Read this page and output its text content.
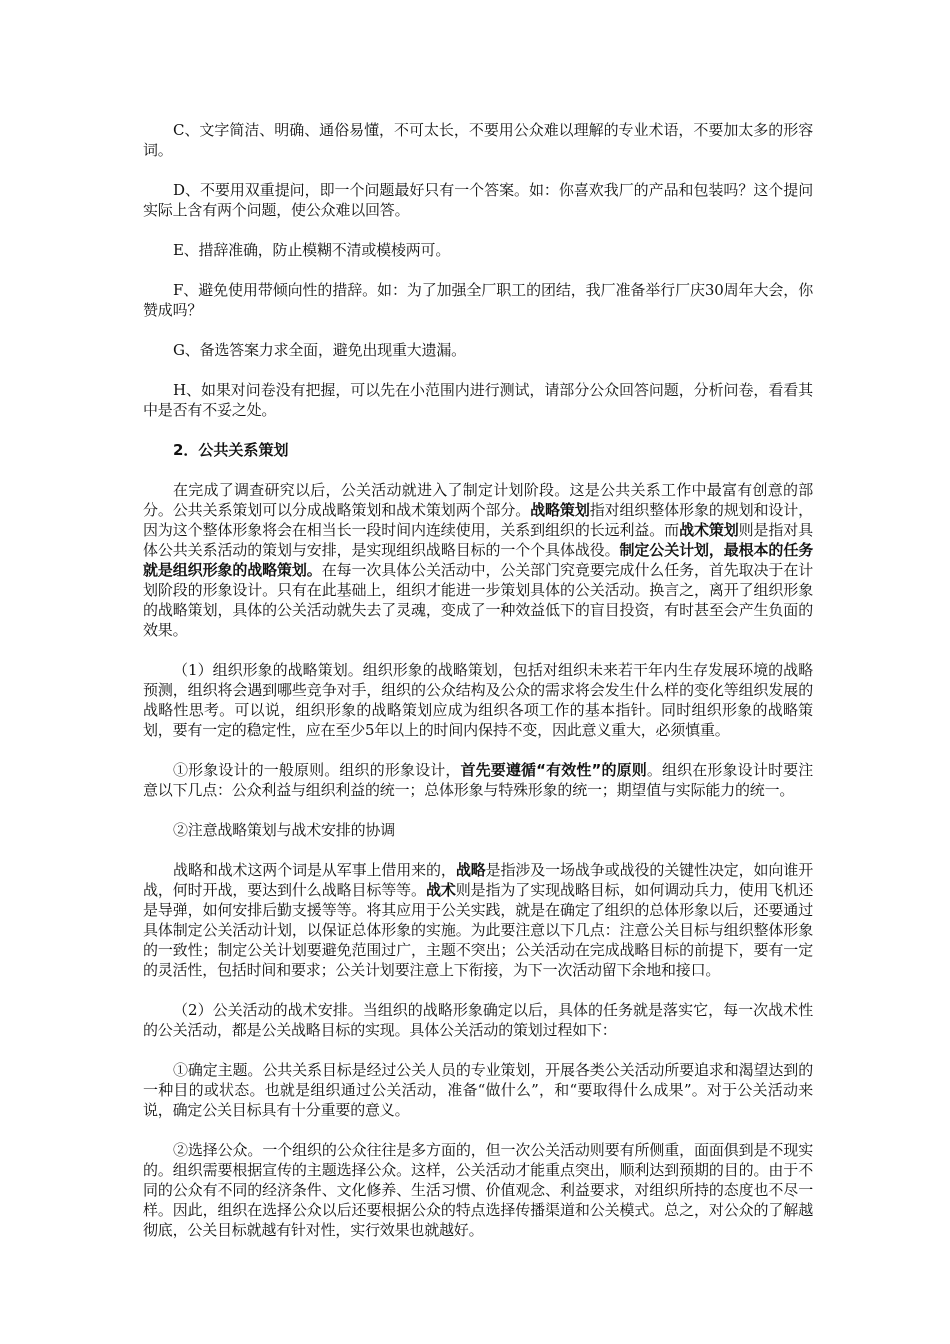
C、文字简洁、明确、通俗易懂，不可太长，不要用公众难以理解的专业术语，不要加太多的形容词。

D、不要用双重提问，即一个问题最好只有一个答案。如：你喜欢我厂的产品和包装吗？这个提问实际上含有两个问题，使公众难以回答。

E、措辞准确，防止模糊不清或模棱两可。

F、避免使用带倾向性的措辞。如：为了加强全厂职工的团结，我厂准备举行厂庆30周年大会，你赞成吗？

G、备选答案力求全面，避免出现重大遗漏。

H、如果对问卷没有把握，可以先在小范围内进行测试，请部分公众回答问题，分析问卷，看看其中是否有不妥之处。

2．公共关系策划

在完成了调查研究以后，公关活动就进入了制定计划阶段。这是公共关系工作中最富有创意的部分。公共关系策划可以分成战略策划和战术策划两个部分。战略策划指对组织整体形象的规划和设计，因为这个整体形象将会在相当长一段时间内连续使用，关系到组织的长远利益。而战术策划则是指对具体公共关系活动的策划与安排，是实现组织战略目标的一个个具体战役。制定公关计划，最根本的任务就是组织形象的战略策划。在每一次具体公关活动中，公关部门究竟要完成什么任务，首先取决于在计划阶段的形象设计。只有在此基础上，组织才能进一步策划具体的公关活动。换言之，离开了组织形象的战略策划，具体的公关活动就失去了灵魂，变成了一种效益低下的盲目投资，有时甚至会产生负面的效果。

（1）组织形象的战略策划。组织形象的战略策划，包括对组织未来若干年内生存发展环境的战略预测，组织将会遇到哪些竞争对手，组织的公众结构及公众的需求将会发生什么样的变化等组织发展的战略性思考。可以说，组织形象的战略策划应成为组织各项工作的基本指针。同时组织形象的战略策划，要有一定的稳定性，应在至少5年以上的时间内保持不变，因此意义重大，必须慎重。

①形象设计的一般原则。组织的形象设计，首先要遵循“有效性”的原则。组织在形象设计时要注意以下几点：公众利益与组织利益的统一；总体形象与特殊形象的统一；期望值与实际能力的统一。

②注意战略策划与战术安排的协调

战略和战术这两个词是从军事上借用来的，战略是指涉及一场战争或战役的关键性决定，如向谁开战，何时开战，要达到什么战略目标等等。战术则是指为了实现战略目标，如何调动兵力，使用飞机还是导弹，如何安排后勤支援等等。将其应用于公关实践，就是在确定了组织的总体形象以后，还要通过具体制定公关活动计划，以保证总体形象的实施。为此要注意以下几点：注意公关目标与组织整体形象的一致性；制定公关计划要避免范围过广，主题不突出；公关活动在完成战略目标的前提下，要有一定的灵活性，包括时间和要求；公关计划要注意上下衔接，为下一次活动留下余地和接口。

（2）公关活动的战术安排。当组织的战略形象确定以后，具体的任务就是落实它，每一次战术性的公关活动，都是公关战略目标的实现。具体公关活动的策划过程如下：

①确定主题。公共关系目标是经过公关人员的专业策划，开展各类公关活动所要追求和渴望达到的一种目的或状态。也就是组织通过公关活动，准备“做什么”，和“要取得什么成果”。对于公关活动来说，确定公关目标具有十分重要的意义。

②选择公众。一个组织的公众往往是多方面的，但一次公关活动则要有所侧重，面面俱到是不现实的。组织需要根据宣传的主题选择公众。这样，公关活动才能重点突出，顺利达到预期的目的。由于不同的公众有不同的经济条件、文化修养、生活习惯、价值观念、利益要求，对组织所持的态度也不尽一样。因此，组织在选择公众以后还要根据公众的特点选择传播渠道和公关模式。总之，对公众的了解越彻底，公关目标就越有针对性，实行效果也就越好。
